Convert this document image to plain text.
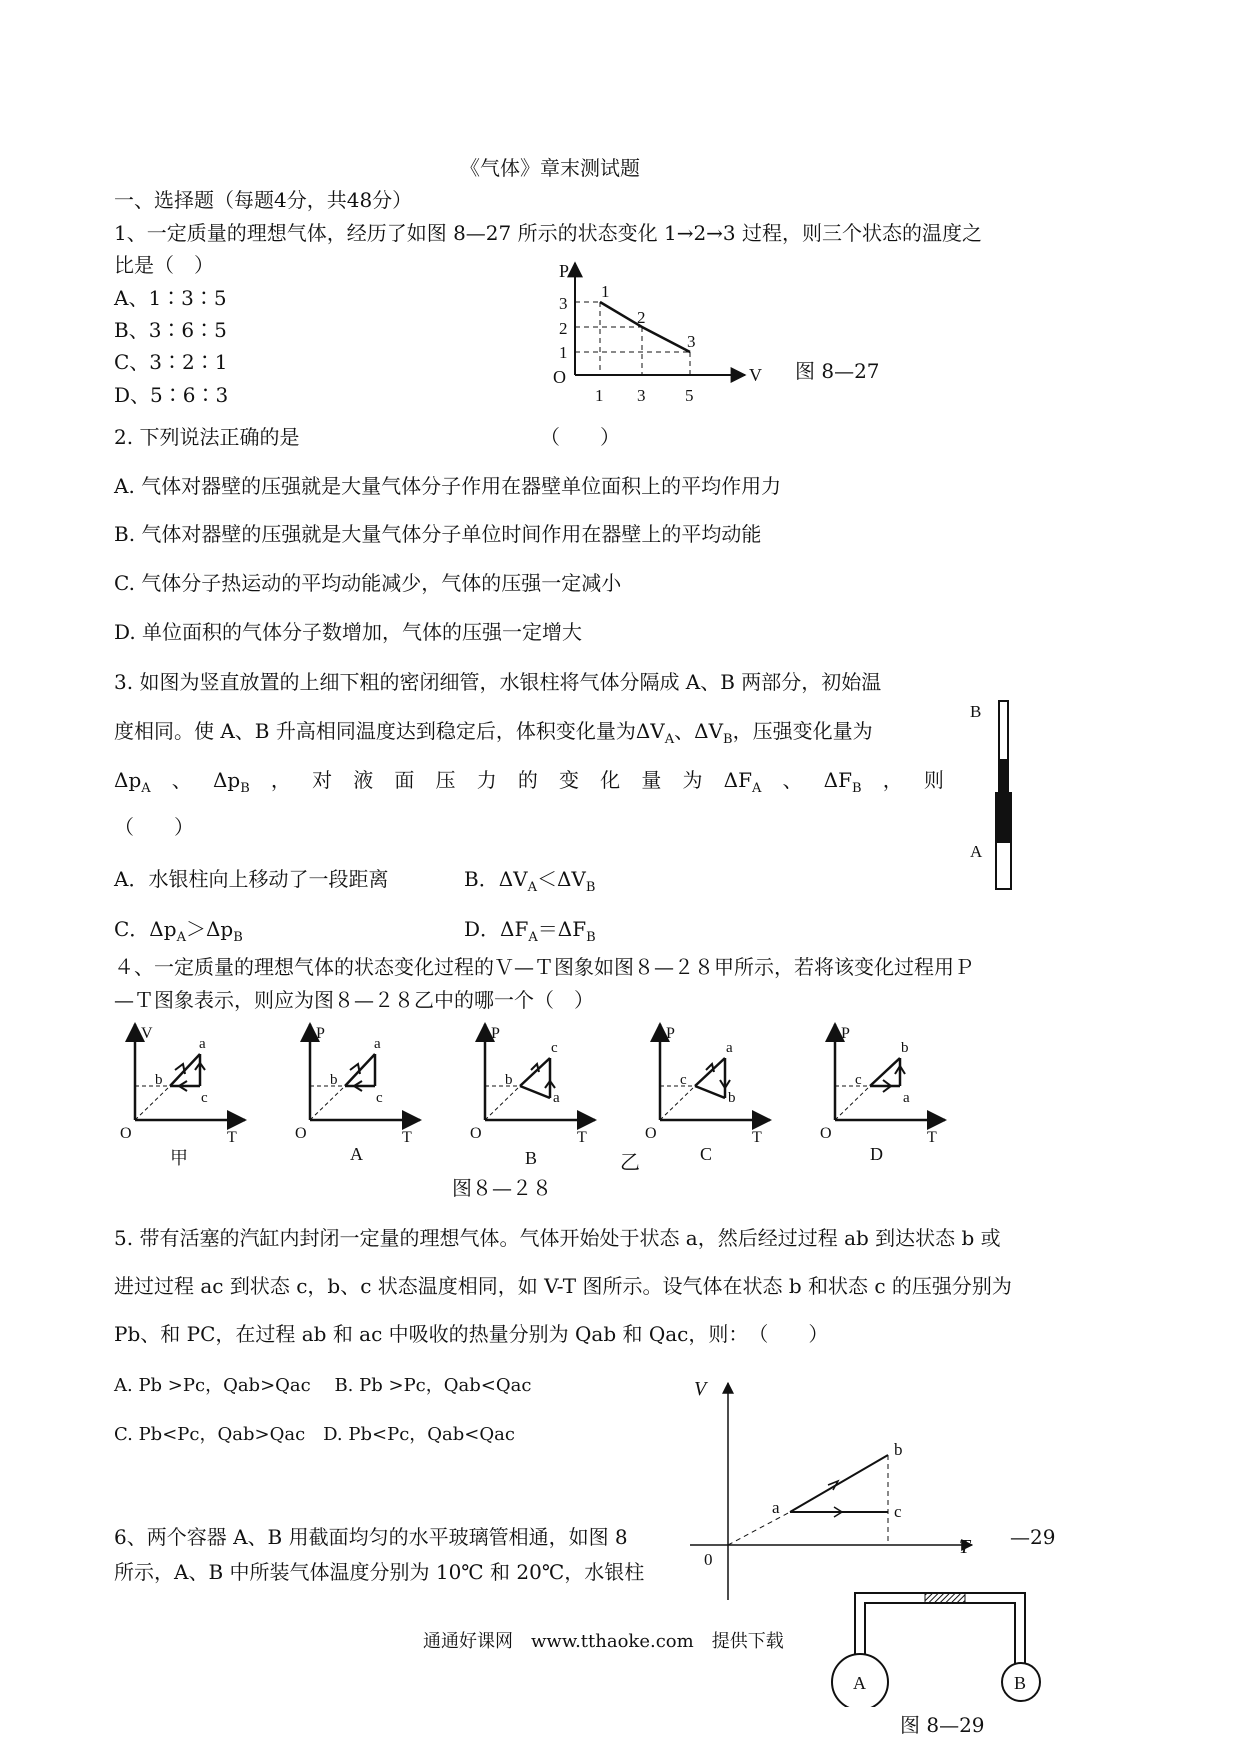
《气体》章末测试题
一、选择题（每题4分，共48分）
1、一定质量的理想气体，经历了如图 8—27 所示的状态变化 1→2→3 过程，则三个状态的温度之
比是（　）
A、1∶3∶5
B、3∶6∶5
C、3∶2∶1
D、5∶6∶3
P
V
O
3
2
1
1 3 5
1
2
3
图 8—27
2. 下列说法正确的是	（　　）
A. 气体对器壁的压强就是大量气体分子作用在器壁单位面积上的平均作用力
B. 气体对器壁的压强就是大量气体分子单位时间作用在器壁上的平均动能
C. 气体分子热运动的平均动能减少，气体的压强一定减小
D. 单位面积的气体分子数增加，气体的压强一定增大
3. 如图为竖直放置的上细下粗的密闭细管，水银柱将气体分隔成 A、B 两部分，初始温
度相同。使 A、B 升高相同温度达到稳定后，体积变化量为$\Delta V_A$、$\Delta V_B$，压强变化量为
$\Delta p_A$ 、 $\Delta p_B$ ， 对 液 面 压 力 的 变 化 量 为 $\Delta F_A$ 、 $\Delta F_B$ ， 则
（　　）
A．水银柱向上移动了一段距离	B．$\Delta V_A<\Delta V_B$
C．$\Delta p_A>\Delta p_B$	D．$\Delta F_A=\Delta F_B$
B
A
４、一定质量的理想气体的状态变化过程的Ｖ—Ｔ图象如图８—２８甲所示，若将该变化过程用Ｐ
—Ｔ图象表示，则应为图８—２８乙中的哪一个（　）
a
b
c
V
T
O
甲
a
b
c
P
T
O
A
c
b
a
P
T
O
B	乙
a
c
b
P
T
O
C
b
c
a
P
T
O
D
图８—２８
5. 带有活塞的汽缸内封闭一定量的理想气体。气体开始处于状态 a，然后经过过程 ab 到达状态 b 或
进过过程 ac 到状态 c，b、c 状态温度相同，如 V-T 图所示。设气体在状态 b 和状态 c 的压强分别为
Pb、和 PC，在过程 ab 和 ac 中吸收的热量分别为 Qab 和 Qac，则：　（　　）
A. Pb >Pc，Qab>Qac　 B. Pb >Pc，Qab<Qac
C. Pb<Pc，Qab>Qac　D. Pb<Pc，Qab<Qac
V
T
0
a
b
c
6、两个容器 A、B 用截面均匀的水平玻璃管相通，如图 8	—29
所示，A、B 中所装气体温度分别为 10℃ 和 20℃，水银柱
A	B
图 8—29
通通好课网　www.tthaoke.com　提供下载
